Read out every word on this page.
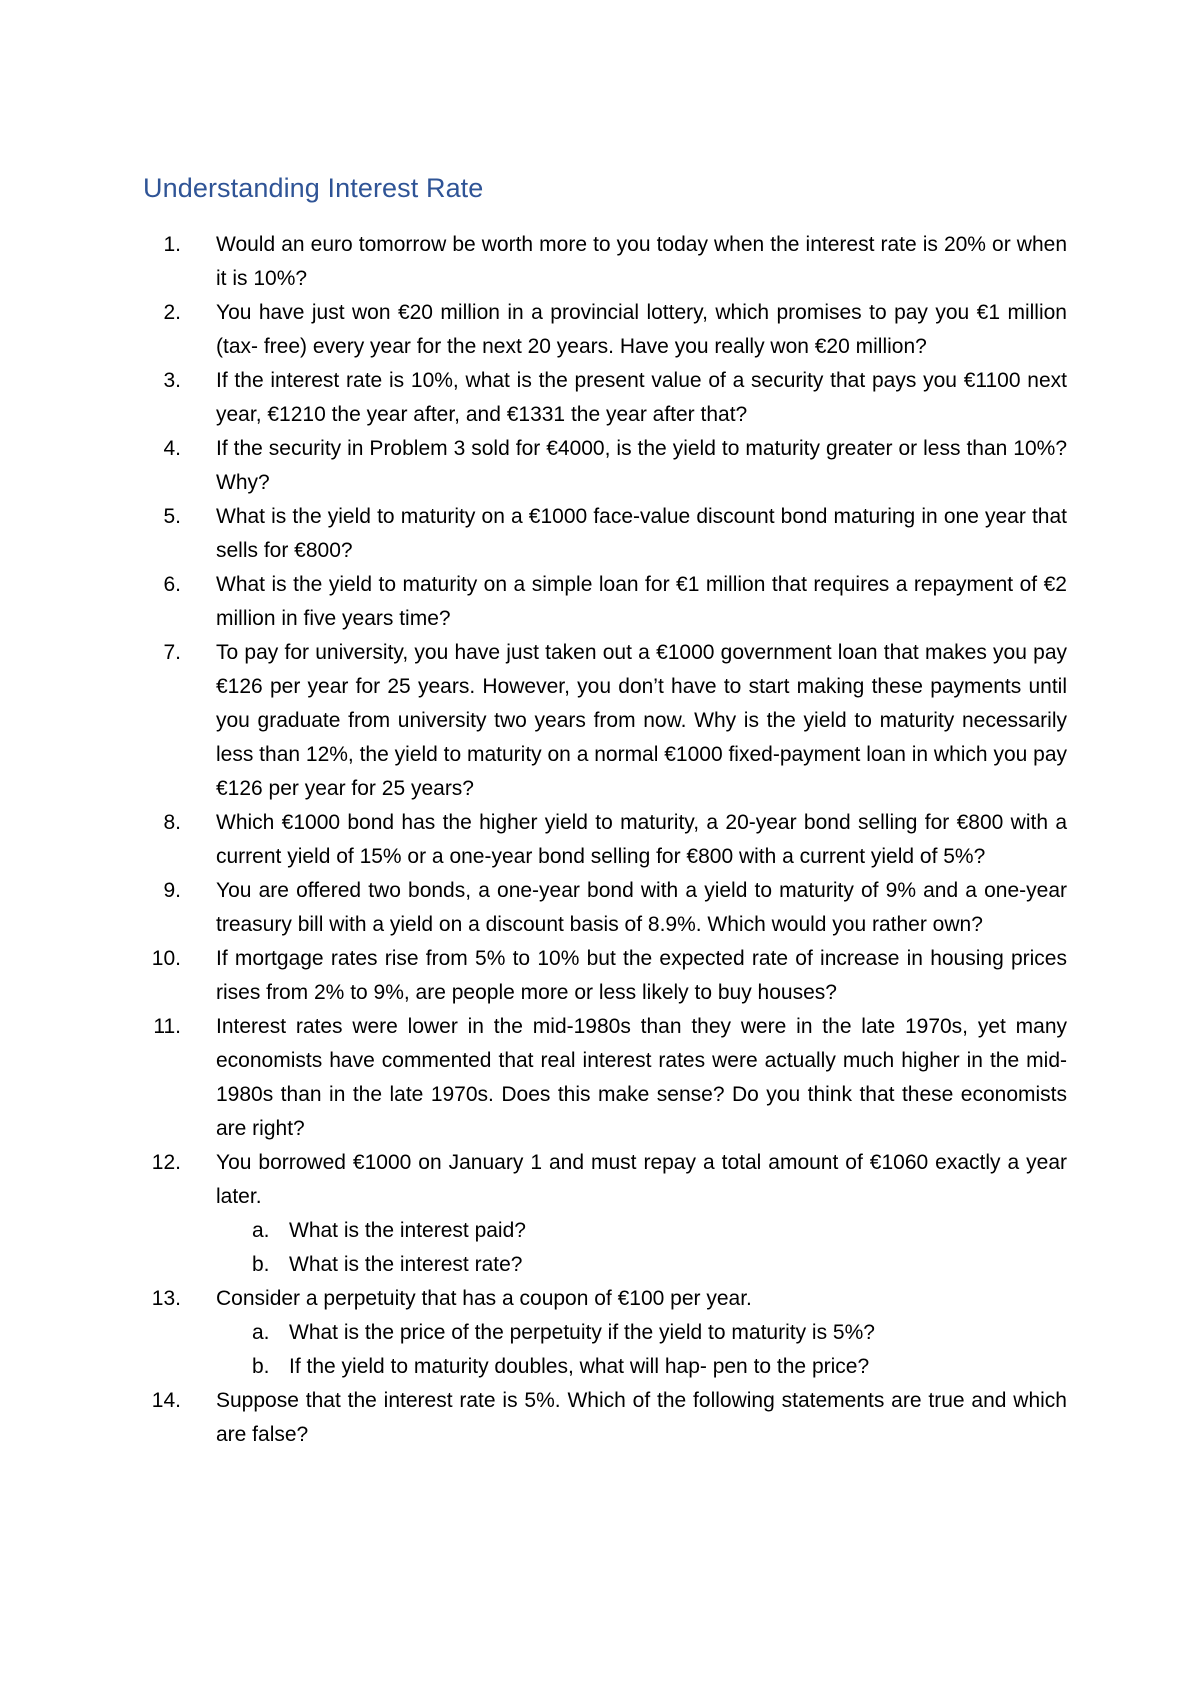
Understanding Interest Rate
1. Would an euro tomorrow be worth more to you today when the interest rate is 20% or when it is 10%?
2. You have just won €20 million in a provincial lottery, which promises to pay you €1 million (tax- free) every year for the next 20 years. Have you really won €20 million?
3. If the interest rate is 10%, what is the present value of a security that pays you €1100 next year, €1210 the year after, and €1331 the year after that?
4. If the security in Problem 3 sold for €4000, is the yield to maturity greater or less than 10%? Why?
5. What is the yield to maturity on a €1000 face-value discount bond maturing in one year that sells for €800?
6. What is the yield to maturity on a simple loan for €1 million that requires a repayment of €2 million in five years time?
7. To pay for university, you have just taken out a €1000 government loan that makes you pay €126 per year for 25 years. However, you don’t have to start making these payments until you graduate from university two years from now. Why is the yield to maturity necessarily less than 12%, the yield to maturity on a normal €1000 fixed-payment loan in which you pay €126 per year for 25 years?
8. Which €1000 bond has the higher yield to maturity, a 20-year bond selling for €800 with a current yield of 15% or a one-year bond selling for €800 with a current yield of 5%?
9. You are offered two bonds, a one-year bond with a yield to maturity of 9% and a one-year treasury bill with a yield on a discount basis of 8.9%. Which would you rather own?
10. If mortgage rates rise from 5% to 10% but the expected rate of increase in housing prices rises from 2% to 9%, are people more or less likely to buy houses?
11. Interest rates were lower in the mid-1980s than they were in the late 1970s, yet many economists have commented that real interest rates were actually much higher in the mid-1980s than in the late 1970s. Does this make sense? Do you think that these economists are right?
12. You borrowed €1000 on January 1 and must repay a total amount of €1060 exactly a year later.
a. What is the interest paid?
b. What is the interest rate?
13. Consider a perpetuity that has a coupon of €100 per year.
a. What is the price of the perpetuity if the yield to maturity is 5%?
b. If the yield to maturity doubles, what will hap- pen to the price?
14. Suppose that the interest rate is 5%. Which of the following statements are true and which are false?
